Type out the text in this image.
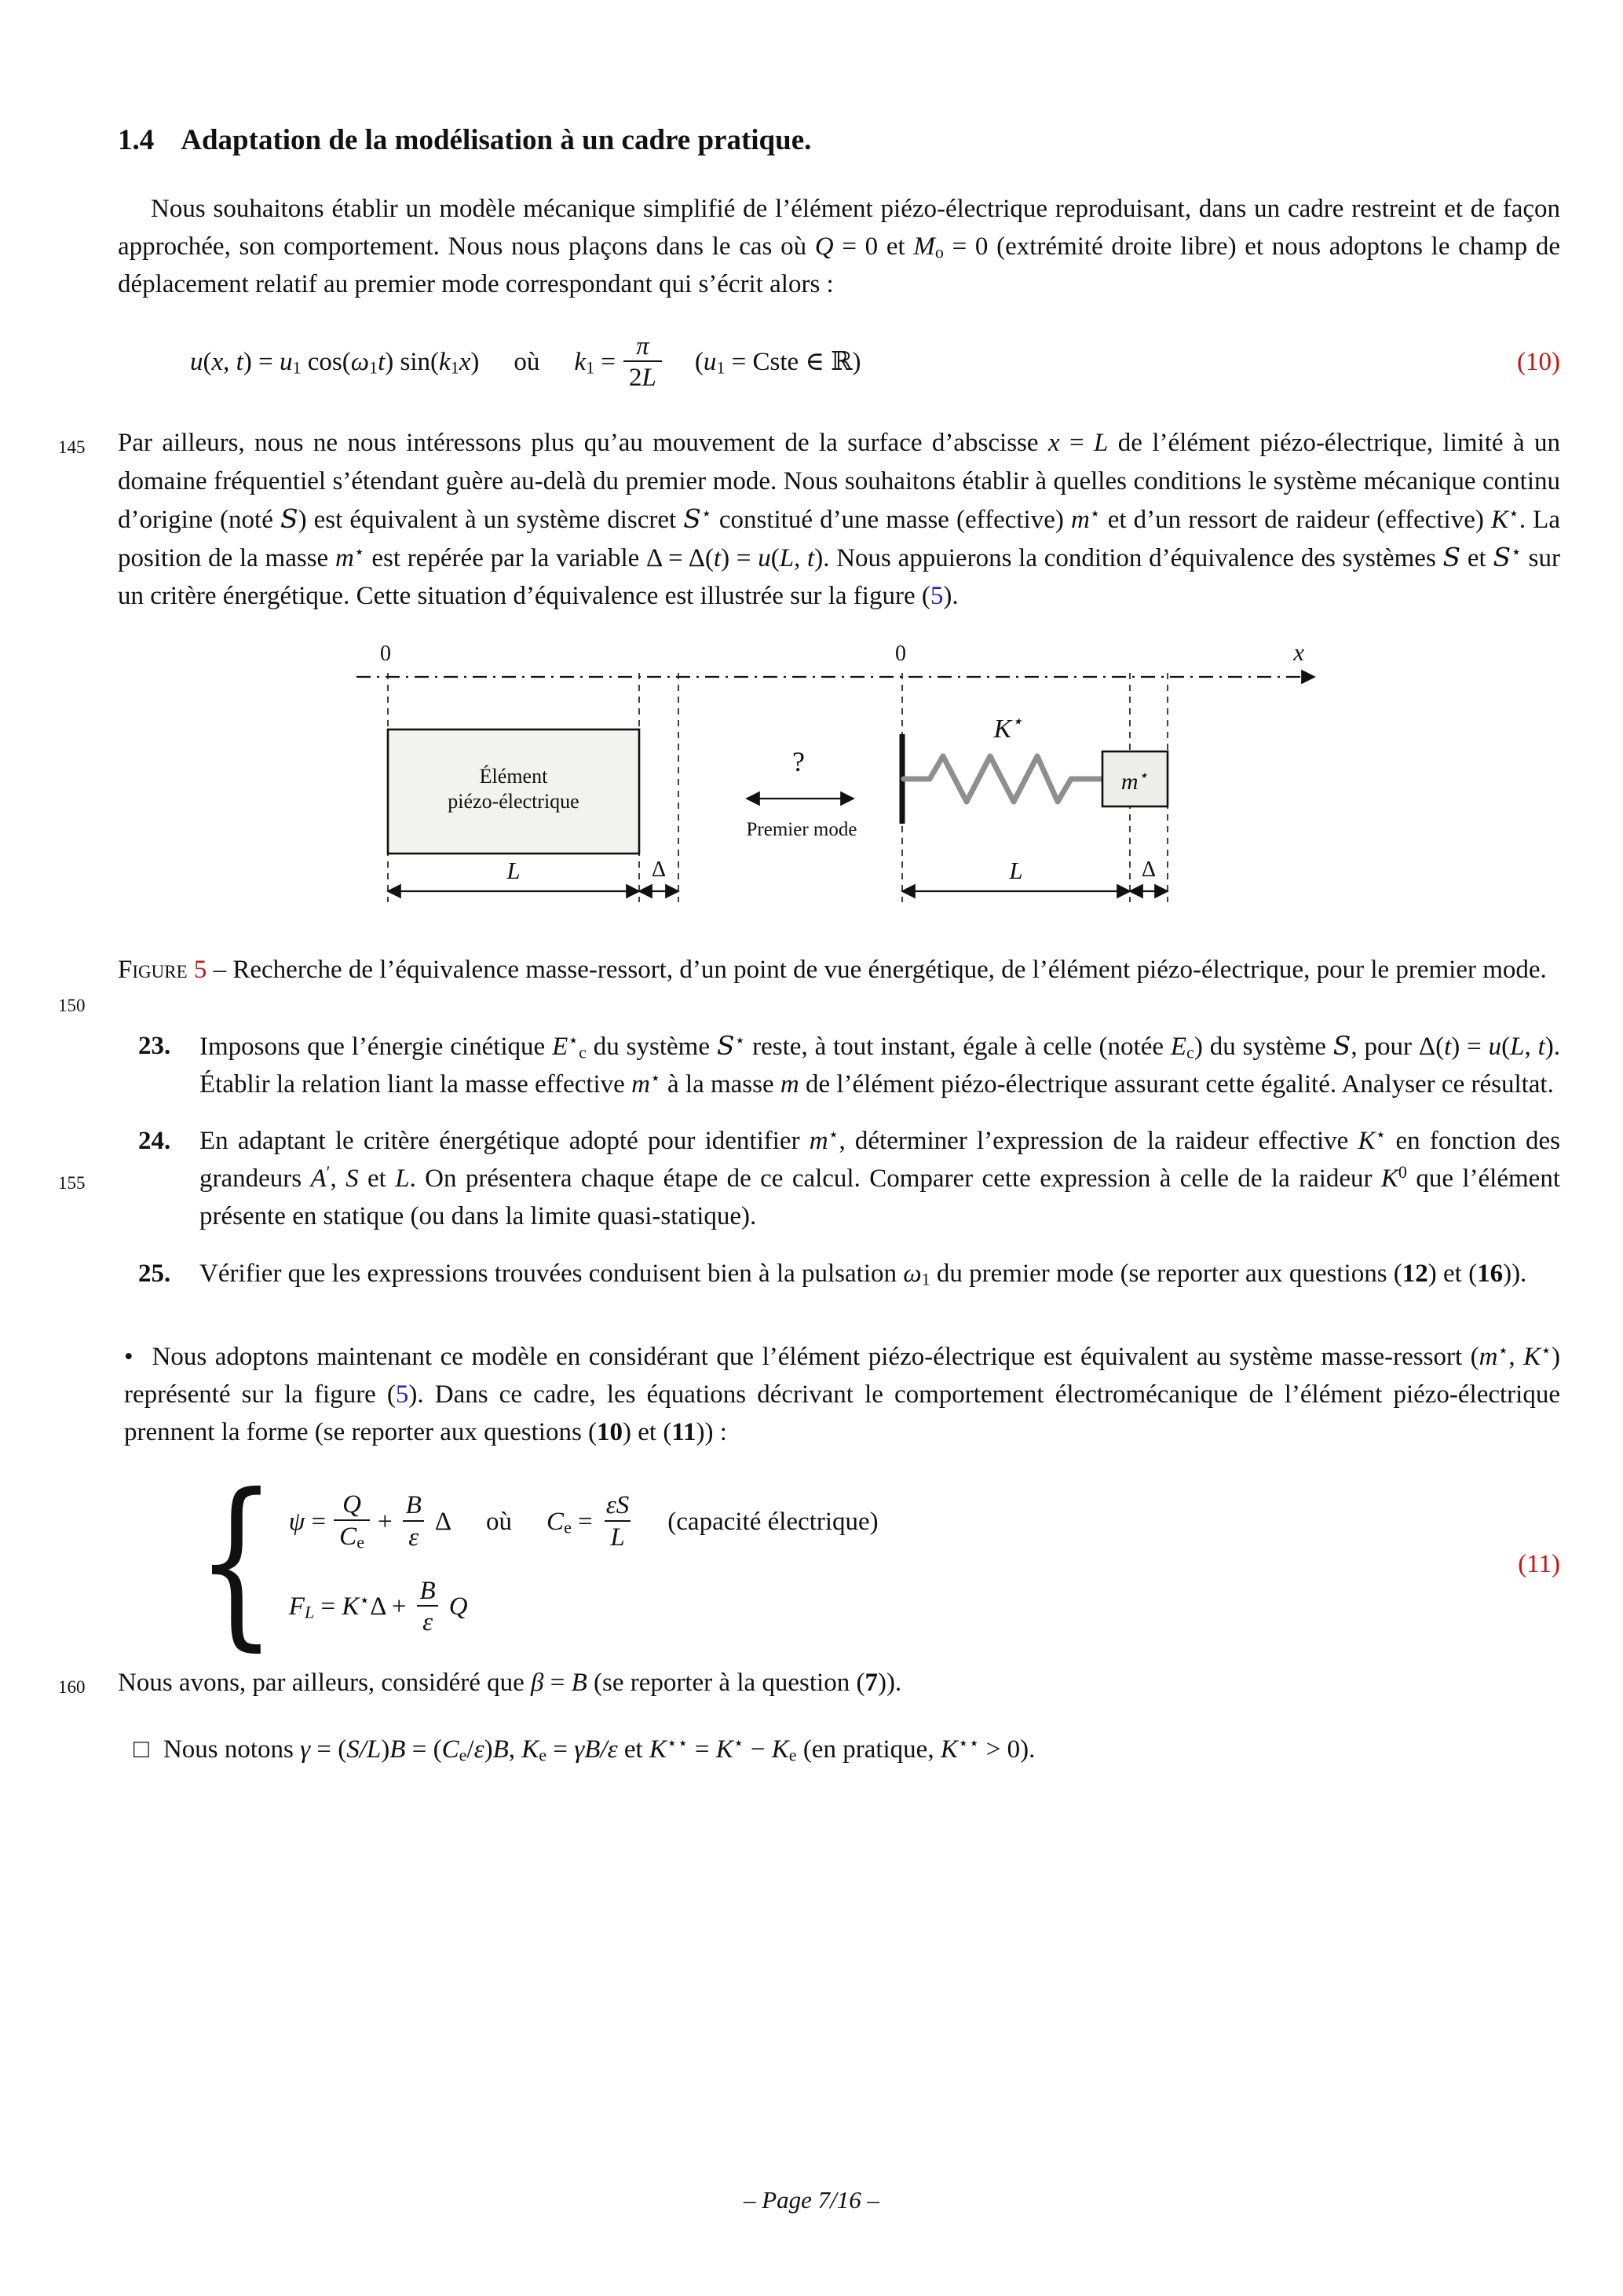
1.4 Adaptation de la modélisation à un cadre pratique.

Nous souhaitons établir un modèle mécanique simplifié de l’élément piézo-électrique reproduisant, dans un cadre restreint et de façon approchée, son comportement. Nous nous plaçons dans le cas où Q = 0 et $M_o = 0$ (extrémité droite libre) et nous adoptons le champ de déplacement relatif au premier mode correspondant qui s’écrit alors :

u(x, $t) = u_1$ $\cos(\omega_1t)$ $\sin(k_1x)$ où $k_1 = \frac{\pi}{2L} (u_1$ = Cste ∈ ℝ)	(10)

145 Par ailleurs, nous ne nous intéressons plus qu’au mouvement de la surface d’abscisse x = L de l’élément piézo-électrique, limité à un domaine fréquentiel s’étendant guère au-delà du premier mode. Nous souhaitons établir à quelles conditions le système mécanique continu d’origine (noté S) est équivalent à un système discret S⋆ constitué d’une masse (effective) m⋆ et d’un ressort de raideur (effective) K⋆. La position de la masse m⋆ est repérée par la variable Δ = Δ(t) = u(L, t). Nous appuierons la condition d’équivalence des systèmes S et S⋆ sur un critère énergétique. Cette situation d’équivalence est illustrée sur la figure (5).

x
0	0
Élément
piézo-électrique
?
Premier mode
K⋆
m⋆
L	Δ	L	Δ

Figure 5 – Recherche de l’équivalence masse-ressort, d’un point de vue énergétique, de l’élément piézo-électrique, pour le premier mode.

150
23.	Imposons que l’énergie cinétique $E^⋆_c$ du système S⋆ reste, à tout instant, égale à celle (notée $E_c$) du système S, pour Δ(t) = u(L, t). Établir la relation liant la masse effective m⋆ à la masse m de l’élément piézo-électrique assurant cette égalité. Analyser ce résultat.
155
24.	En adaptant le critère énergétique adopté pour identifier m⋆, déterminer l’expression de la raideur effective K⋆ en fonction des grandeurs A′, S et L. On présentera chaque étape de ce calcul. Comparer cette expression à celle de la raideur $K^0$ que l’élément présente en statique (ou dans la limite quasi-statique).
25.	Vérifier que les expressions trouvées conduisent bien à la pulsation $\omega_1$ du premier mode (se reporter aux questions (12) et (16)).

• Nous adoptons maintenant ce modèle en considérant que l’élément piézo-électrique est équivalent au système masse-ressort (m⋆, K⋆) représenté sur la figure (5). Dans ce cadre, les équations décrivant le comportement électromécanique de l’élément piézo-électrique prennent la forme (se reporter aux questions (10) et (11)) :

{ $\psi = \frac{Q}{C_e} + \frac{B}{\varepsilon}$ Δ où $C_e = \frac{\varepsilon S}{L}$ (capacité électrique)
$F_L = K^⋆\Delta + \frac{B}{\varepsilon}$ Q
(11)

160 Nous avons, par ailleurs, considéré que β = B (se reporter à la question (7)).

□ Nous notons $\gamma = (S/L)B = (C_e/\varepsilon)B$, $K_e = \gamma B/\varepsilon$ et $K^{⋆⋆} = K^⋆ - K_e$ (en pratique, K⋆⋆ > 0).

– Page 7/16 –
